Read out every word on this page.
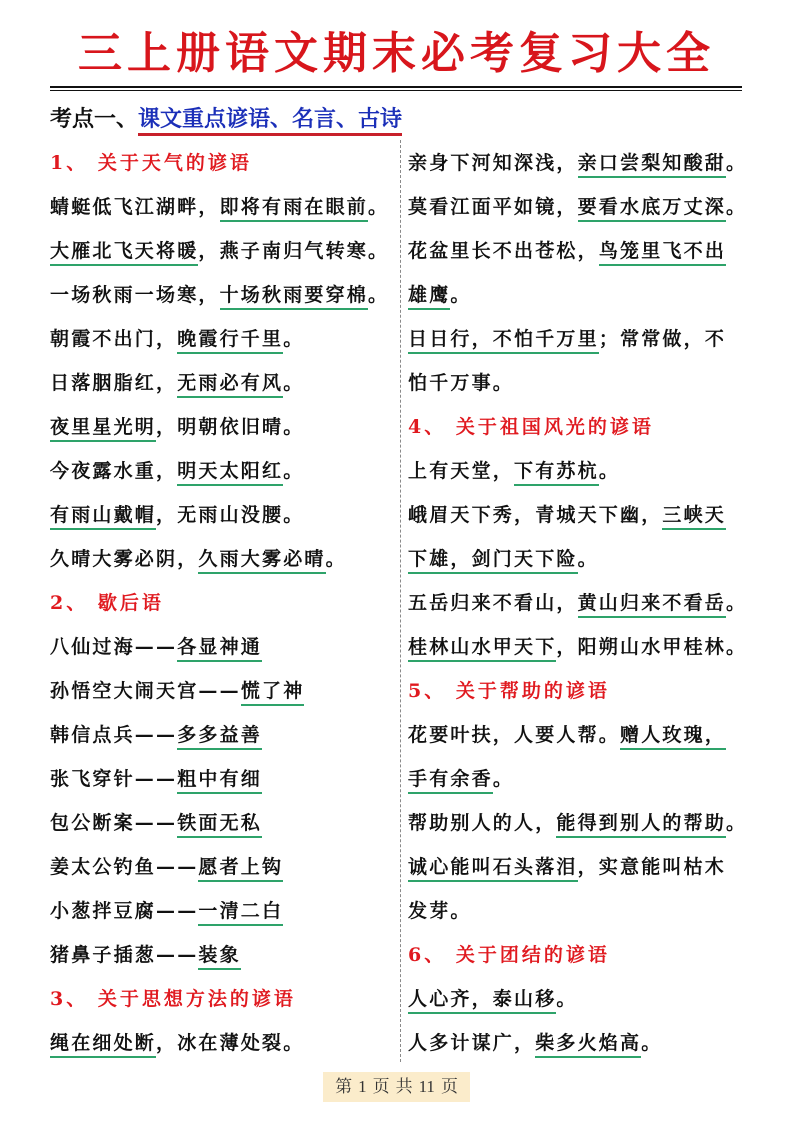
三上册语文期末必考复习大全
考点一、课文重点谚语、名言、古诗
1、 关于天气的谚语
蜻蜓低飞江湖畔，即将有雨在眼前。
大雁北飞天将暖，燕子南归气转寒。
一场秋雨一场寒，十场秋雨要穿棉。
朝霞不出门，晚霞行千里。
日落胭脂红，无雨必有风。
夜里星光明，明朝依旧晴。
今夜露水重，明天太阳红。
有雨山戴帽，无雨山没腰。
久晴大雾必阴，久雨大雾必晴。
2、 歇后语
八仙过海——各显神通
孙悟空大闹天宫——慌了神
韩信点兵——多多益善
张飞穿针——粗中有细
包公断案——铁面无私
姜太公钓鱼——愿者上钩
小葱拌豆腐——一清二白
猪鼻子插葱——装象
3、 关于思想方法的谚语
绳在细处断，冰在薄处裂。
亲身下河知深浅，亲口尝梨知酸甜。
莫看江面平如镜，要看水底万丈深。
花盆里长不出苍松，鸟笼里飞不出
雄鹰。
日日行，不怕千万里；常常做，不
怕千万事。
4、 关于祖国风光的谚语
上有天堂，下有苏杭。
峨眉天下秀，青城天下幽，三峡天
下雄，剑门天下险。
五岳归来不看山，黄山归来不看岳。
桂林山水甲天下，阳朔山水甲桂林。
5、 关于帮助的谚语
花要叶扶，人要人帮。赠人玫瑰，
手有余香。
帮助别人的人，能得到别人的帮助。
诚心能叫石头落泪，实意能叫枯木
发芽。
6、 关于团结的谚语
人心齐，泰山移。
人多计谋广，柴多火焰高。
第 1 页 共 11 页
